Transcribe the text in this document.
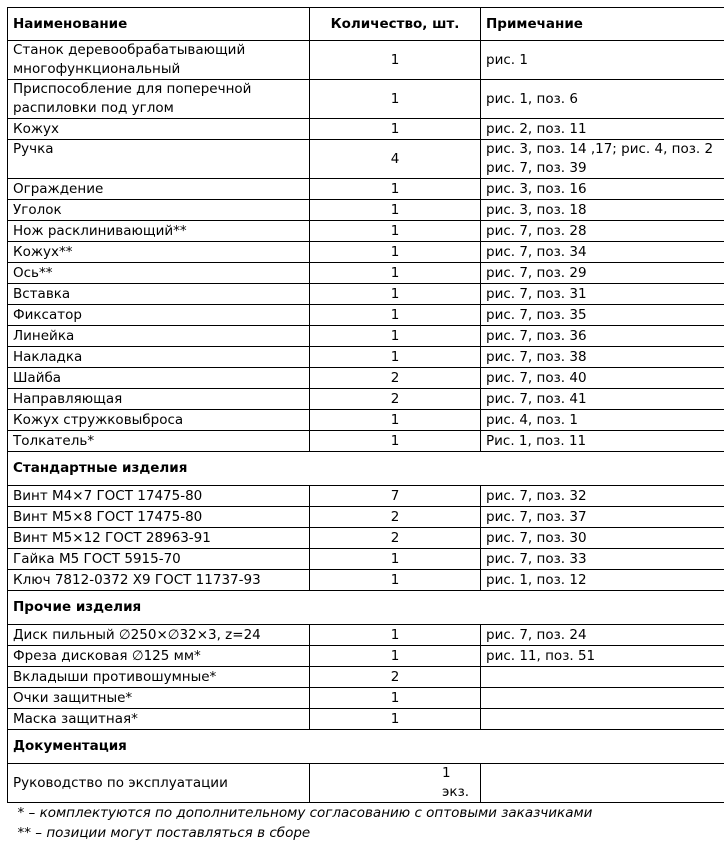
Наименование	Количество, шт.	Примечание
Станок деревообрабатывающий многофункциональный	1	рис. 1
Приспособление для поперечной распиловки под углом	1	рис. 1, поз. 6
Кожух	1	рис. 2, поз. 11
Ручка	4	рис. 3, поз. 14 ,17; рис. 4, поз. 2 рис. 7, поз. 39
Ограждение	1	рис. 3, поз. 16
Уголок	1	рис. 3, поз. 18
Нож расклинивающий**	1	рис. 7, поз. 28
Кожух**	1	рис. 7, поз. 34
Ось**	1	рис. 7, поз. 29
Вставка	1	рис. 7, поз. 31
Фиксатор	1	рис. 7, поз. 35
Линейка	1	рис. 7, поз. 36
Накладка	1	рис. 7, поз. 38
Шайба	2	рис. 7, поз. 40
Направляющая	2	рис. 7, поз. 41
Кожух стружковыброса	1	рис. 4, поз. 1
Толкатель*	1	Рис. 1, поз. 11
Стандартные изделия		
Винт М4×7 ГОСТ 17475-80	7	рис. 7, поз. 32
Винт М5×8 ГОСТ 17475-80	2	рис. 7, поз. 37
Винт М5×12 ГОСТ 28963-91	2	рис. 7, поз. 30
Гайка М5 ГОСТ 5915-70	1	рис. 7, поз. 33
Ключ 7812-0372 Х9 ГОСТ 11737-93	1	рис. 1, поз. 12
Прочие изделия		
Диск пильный ∅250×∅32×3, z=24	1	рис. 7, поз. 24
Фреза дисковая ∅125 мм*	1	рис. 11, поз. 51
Вкладыши противошумные*	2	
Очки защитные*	1	
Маска защитная*	1	
Документация		
Руководство по эксплуатации	1 экз.	
* – комплектуются по дополнительному согласованию с оптовыми заказчиками		
** – позиции могут поставляться в сборе		
